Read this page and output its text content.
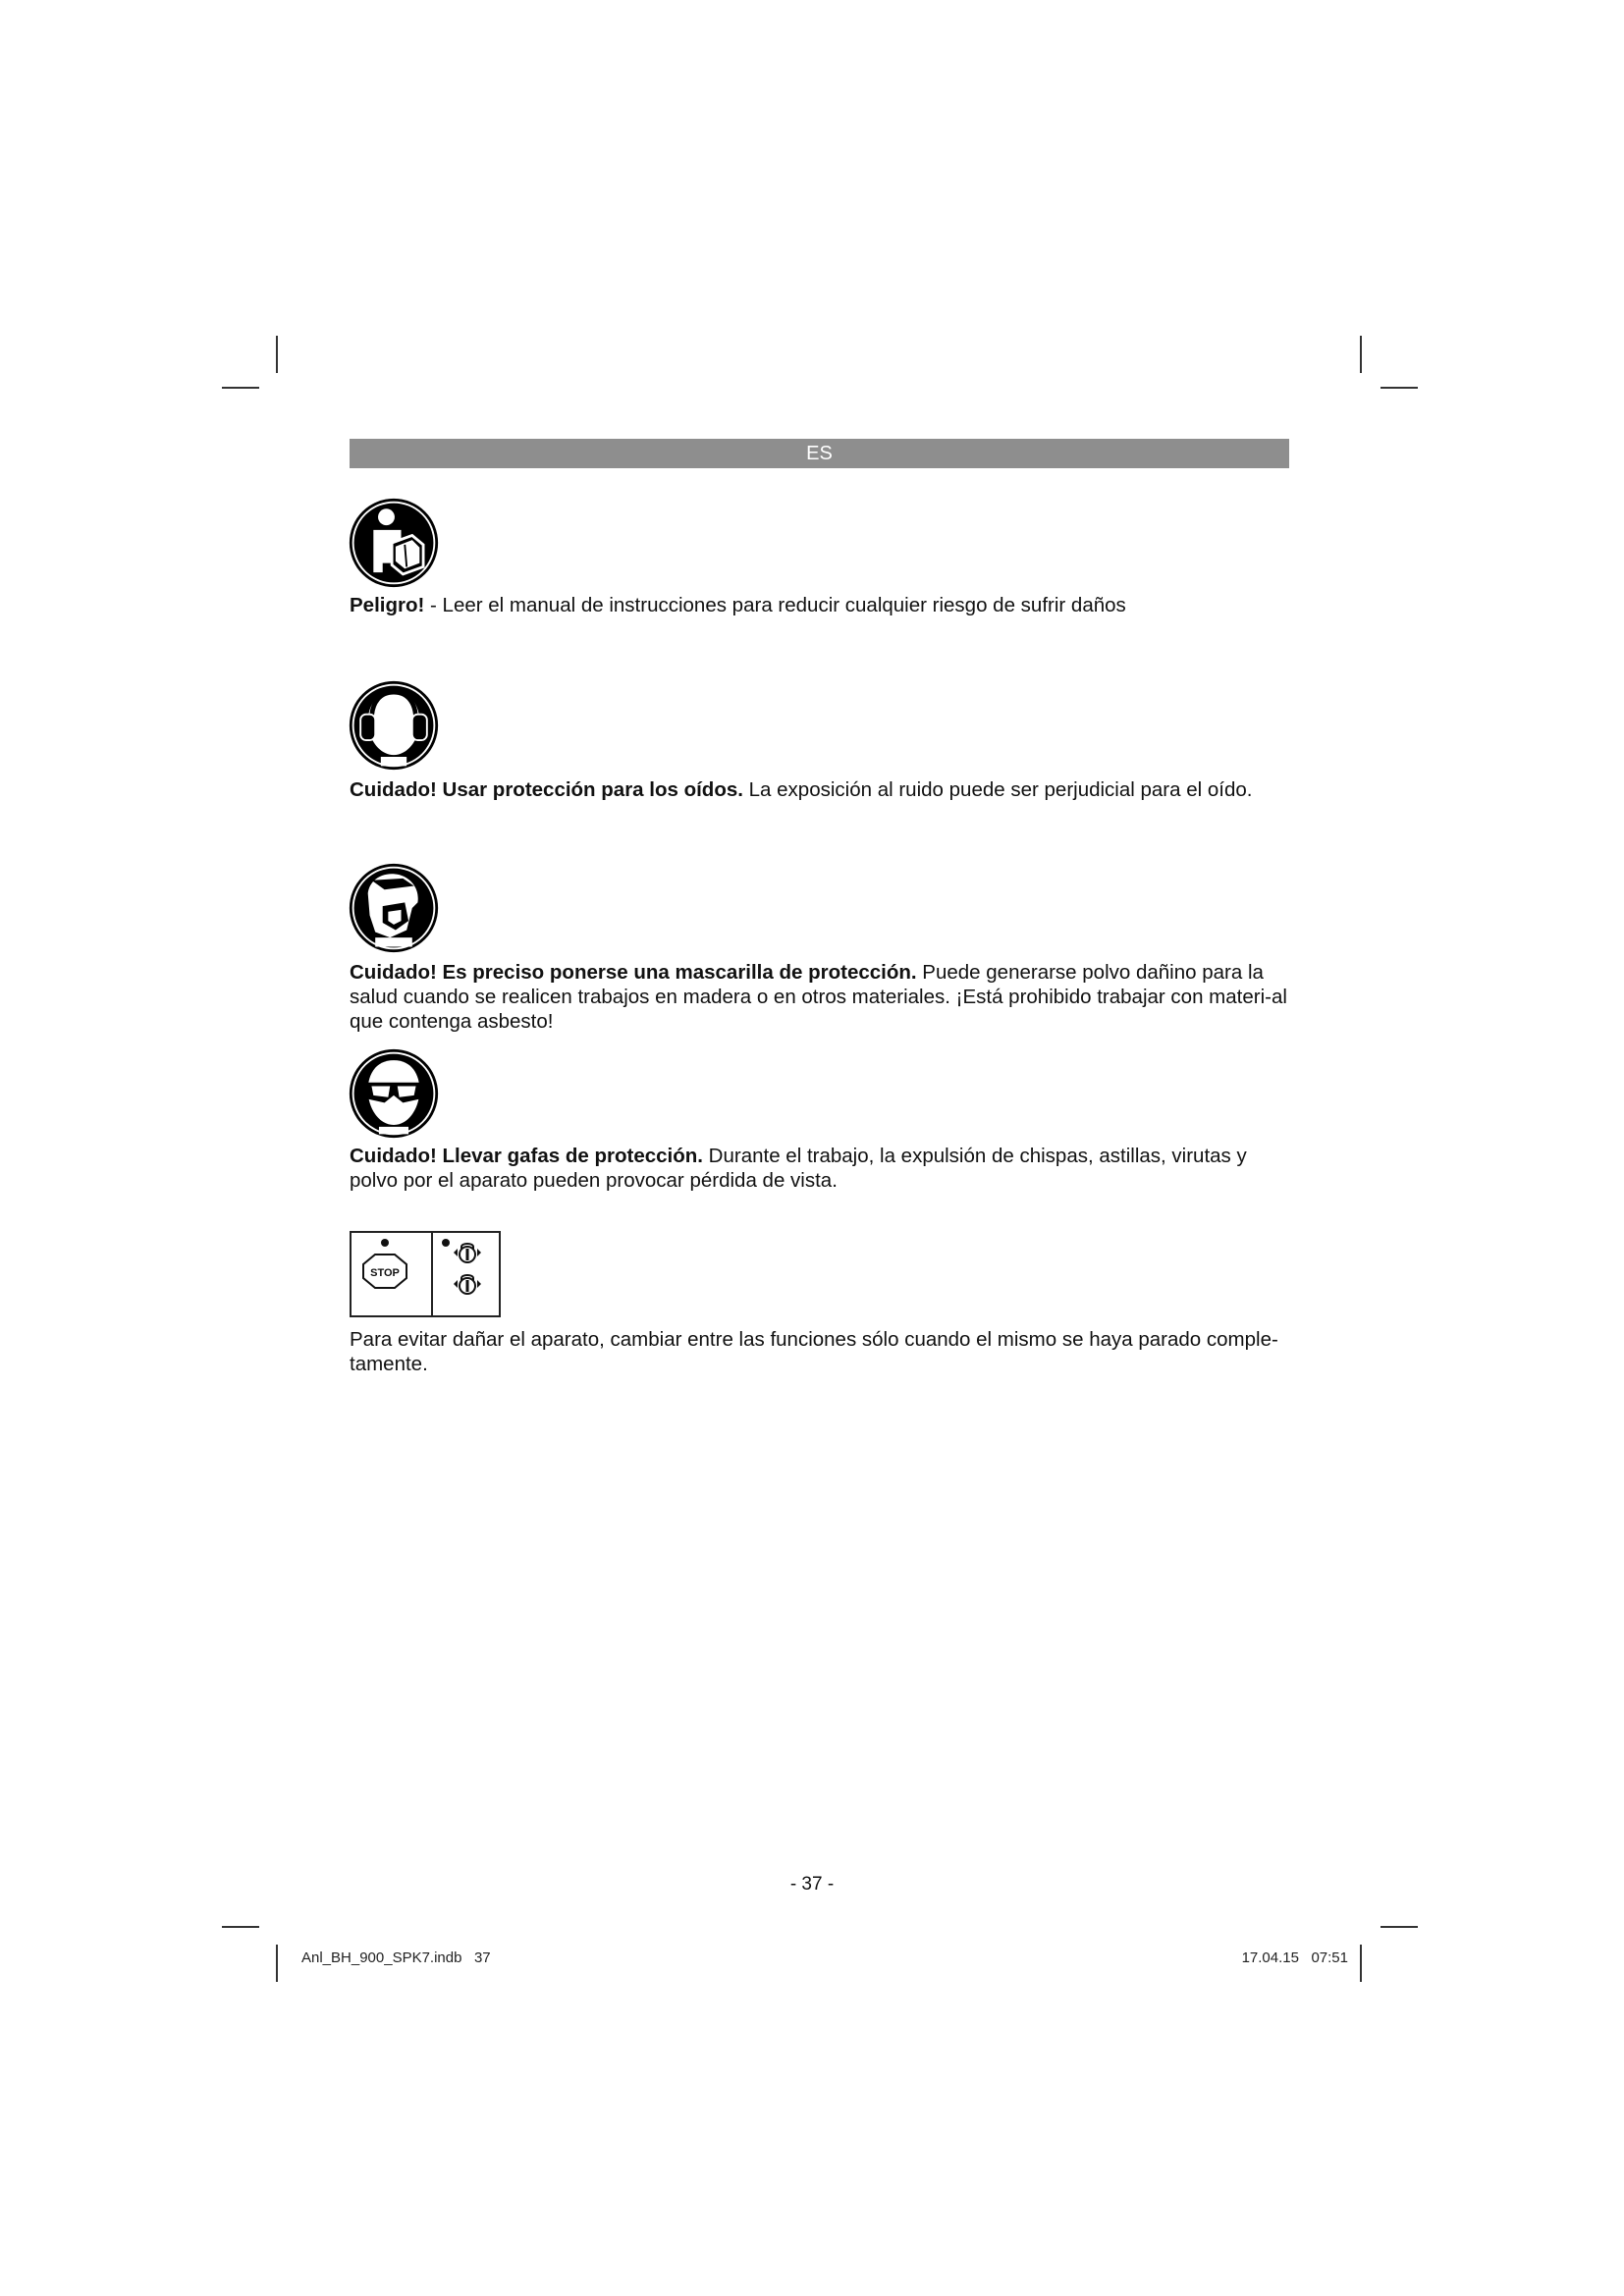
ES
Peligro! - Leer el manual de instrucciones para reducir cualquier riesgo de sufrir daños
Cuidado! Usar protección para los oídos. La exposición al ruido puede ser perjudicial para el oído.
Cuidado! Es preciso ponerse una mascarilla de protección. Puede generarse polvo dañino para la salud cuando se realicen trabajos en madera o en otros materiales. ¡Está prohibido trabajar con materi-al que contenga asbesto!
Cuidado! Llevar gafas de protección. Durante el trabajo, la expulsión de chispas, astillas, virutas y polvo por el aparato pueden provocar pérdida de vista.
STOP
Para evitar dañar el aparato, cambiar entre las funciones sólo cuando el mismo se haya parado comple-tamente.
- 37 -
Anl_BH_900_SPK7.indb   37	17.04.15   07:51
